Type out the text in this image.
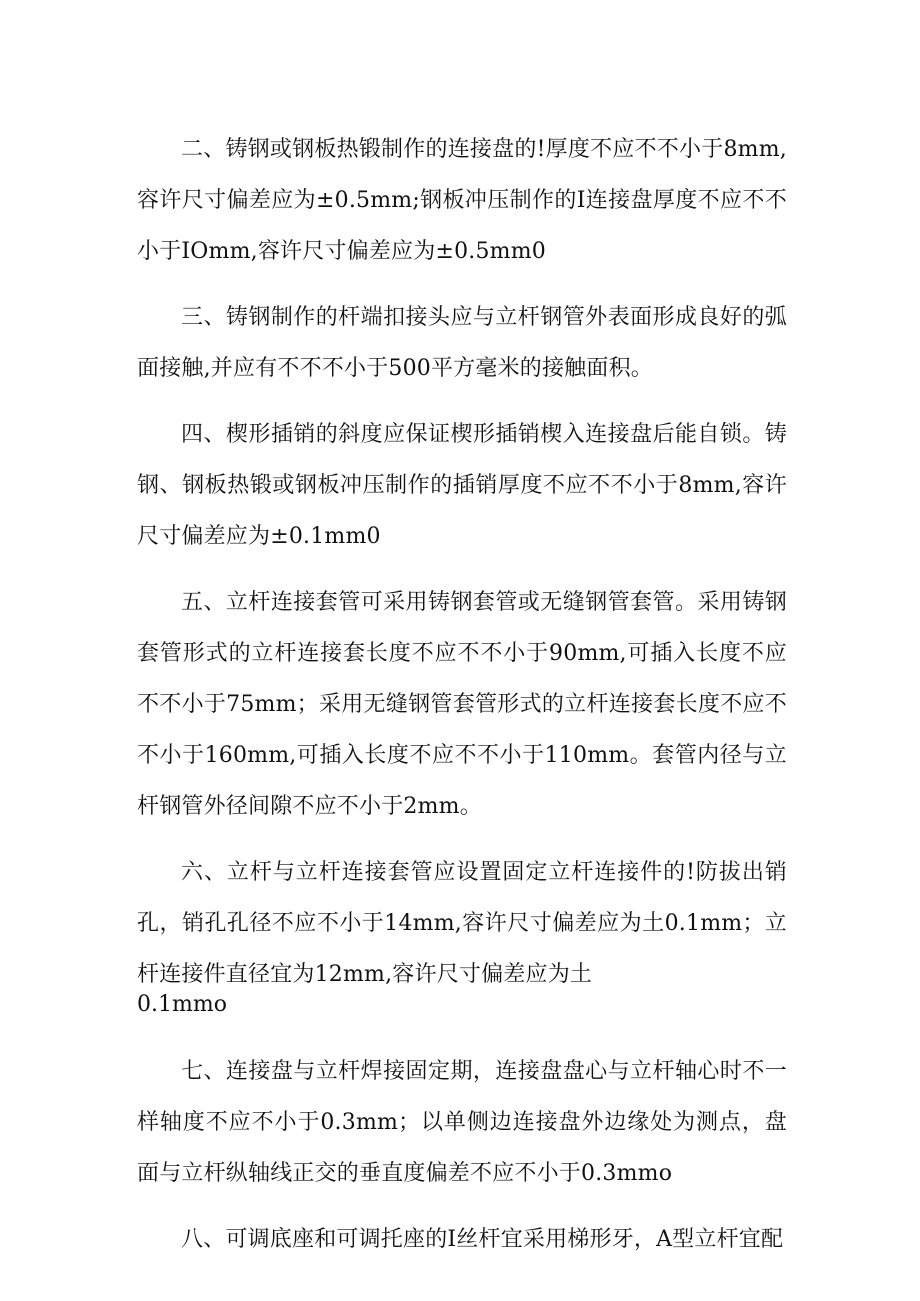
二、铸钢或钢板热锻制作的连接盘的!厚度不应不不小于8mm,容许尺寸偏差应为±0.5mm;钢板冲压制作的I连接盘厚度不应不不小于IOmm,容许尺寸偏差应为±0.5mm0

三、铸钢制作的杆端扣接头应与立杆钢管外表面形成良好的弧面接触,并应有不不不小于500平方毫米的接触面积。

四、楔形插销的斜度应保证楔形插销楔入连接盘后能自锁。铸钢、钢板热锻或钢板冲压制作的插销厚度不应不不小于8mm,容许尺寸偏差应为±0.1mm0

五、立杆连接套管可采用铸钢套管或无缝钢管套管。采用铸钢套管形式的立杆连接套长度不应不不小于90mm,可插入长度不应不不小于75mm；采用无缝钢管套管形式的立杆连接套长度不应不不小于160mm,可插入长度不应不不小于110mm。套管内径与立杆钢管外径间隙不应不小于2mm。

六、立杆与立杆连接套管应设置固定立杆连接件的!防拔出销孔，销孔孔径不应不小于14mm,容许尺寸偏差应为土0.1mm；立杆连接件直径宜为12mm,容许尺寸偏差应为土

0.1mmo

七、连接盘与立杆焊接固定期，连接盘盘心与立杆轴心时不一样轴度不应不小于0.3mm；以单侧边连接盘外边缘处为测点，盘面与立杆纵轴线正交的垂直度偏差不应不小于0.3mmo

八、可调底座和可调托座的I丝杆宜采用梯形牙，A型立杆宜配
